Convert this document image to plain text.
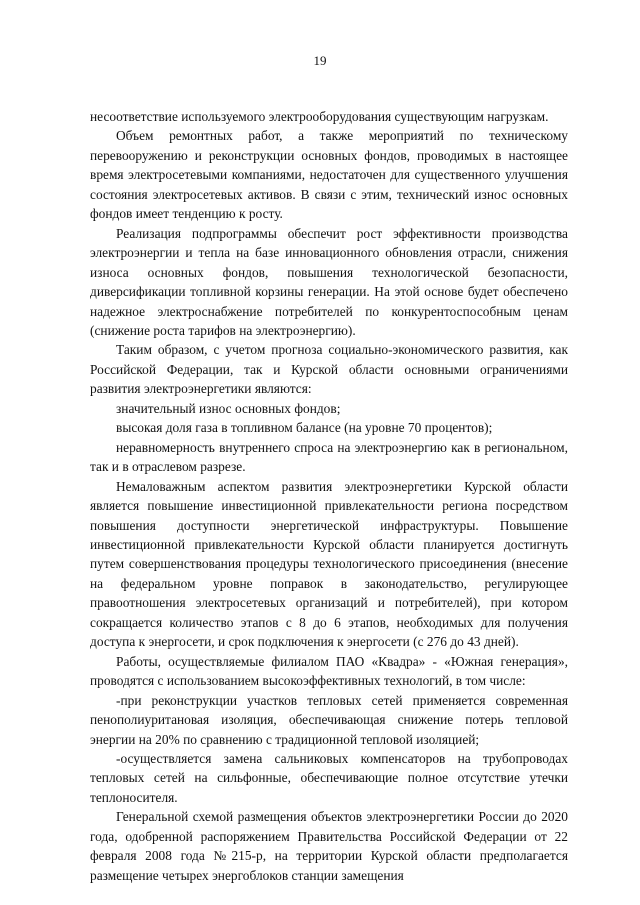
19

несоответствие используемого электрооборудования существующим нагрузкам.

Объем ремонтных работ, а также мероприятий по техническому перевооружению и реконструкции основных фондов, проводимых в настоящее время электросетевыми компаниями, недостаточен для существенного улучшения состояния электросетевых активов. В связи с этим, технический износ основных фондов имеет тенденцию к росту.

Реализация подпрограммы обеспечит рост эффективности производства электроэнергии и тепла на базе инновационного обновления отрасли, снижения износа основных фондов, повышения технологической безопасности, диверсификации топливной корзины генерации. На этой основе будет обеспечено надежное электроснабжение потребителей по конкурентоспособным ценам (снижение роста тарифов на электроэнергию).

Таким образом, с учетом прогноза социально-экономического развития, как Российской Федерации, так и Курской области основными ограничениями развития электроэнергетики являются:

значительный износ основных фондов;

высокая доля газа в топливном балансе (на уровне 70 процентов);

неравномерность внутреннего спроса на электроэнергию как в региональном, так и в отраслевом разрезе.

Немаловажным аспектом развития электроэнергетики Курской области является повышение инвестиционной привлекательности региона посредством повышения доступности энергетической инфраструктуры. Повышение инвестиционной привлекательности Курской области планируется достигнуть путем совершенствования процедуры технологического присоединения (внесение на федеральном уровне поправок в законодательство, регулирующее правоотношения электросетевых организаций и потребителей), при котором сокращается количество этапов с 8 до 6 этапов, необходимых для получения доступа к энергосети, и срок подключения к энергосети (с 276 до 43 дней).

Работы, осуществляемые филиалом ПАО «Квадра» - «Южная генерация», проводятся с использованием высокоэффективных технологий, в том числе:

-при реконструкции участков тепловых сетей применяется современная пенополиуритановая изоляция, обеспечивающая снижение потерь тепловой энергии на 20% по сравнению с традиционной тепловой изоляцией;

-осуществляется замена сальниковых компенсаторов на трубопроводах тепловых сетей на сильфонные, обеспечивающие полное отсутствие утечки теплоносителя.

Генеральной схемой размещения объектов электроэнергетики России до 2020 года, одобренной распоряжением Правительства Российской Федерации от 22 февраля 2008 года №215-р, на территории Курской области предполагается размещение четырех энергоблоков станции замещения
